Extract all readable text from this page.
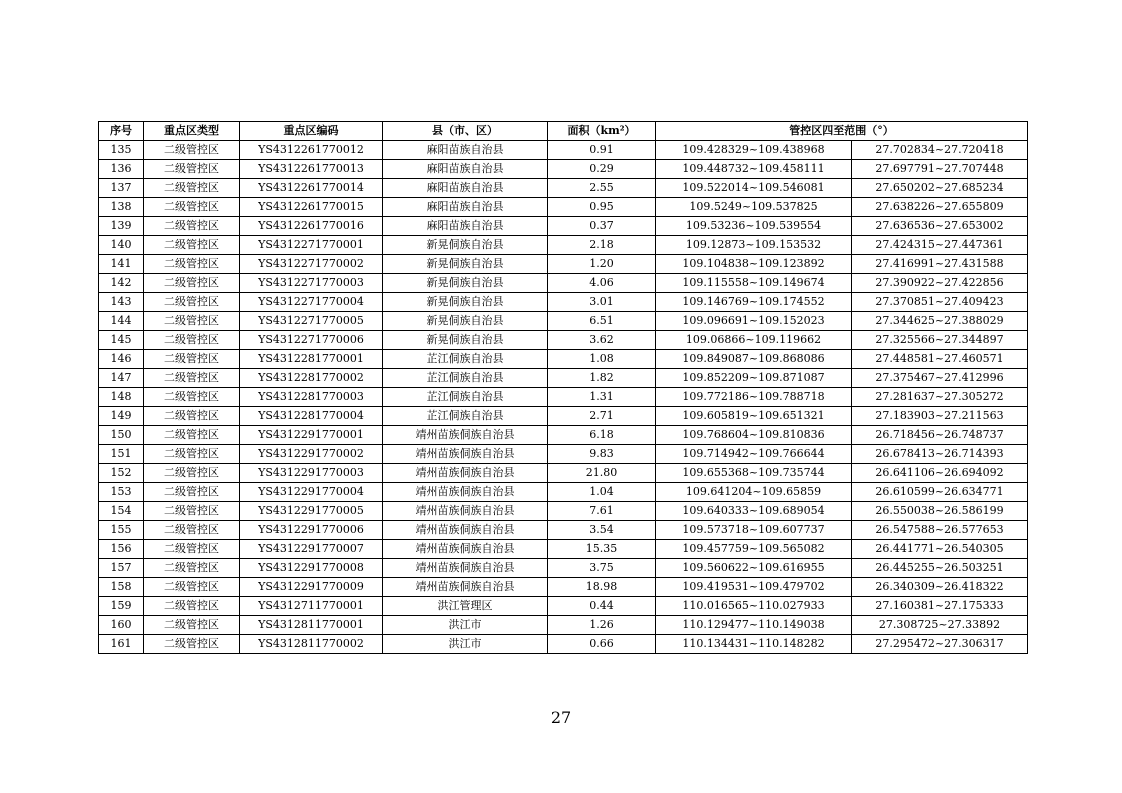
序号	重点区类型	重点区编码	县（市、区）	面积（km²）	管控区四至范围（°）	
135	二级管控区	YS4312261770012	麻阳苗族自治县	0.91	109.428329~109.438968	27.702834~27.720418
136	二级管控区	YS4312261770013	麻阳苗族自治县	0.29	109.448732~109.458111	27.697791~27.707448
137	二级管控区	YS4312261770014	麻阳苗族自治县	2.55	109.522014~109.546081	27.650202~27.685234
138	二级管控区	YS4312261770015	麻阳苗族自治县	0.95	109.5249~109.537825	27.638226~27.655809
139	二级管控区	YS4312261770016	麻阳苗族自治县	0.37	109.53236~109.539554	27.636536~27.653002
140	二级管控区	YS4312271770001	新晃侗族自治县	2.18	109.12873~109.153532	27.424315~27.447361
141	二级管控区	YS4312271770002	新晃侗族自治县	1.20	109.104838~109.123892	27.416991~27.431588
142	二级管控区	YS4312271770003	新晃侗族自治县	4.06	109.115558~109.149674	27.390922~27.422856
143	二级管控区	YS4312271770004	新晃侗族自治县	3.01	109.146769~109.174552	27.370851~27.409423
144	二级管控区	YS4312271770005	新晃侗族自治县	6.51	109.096691~109.152023	27.344625~27.388029
145	二级管控区	YS4312271770006	新晃侗族自治县	3.62	109.06866~109.119662	27.325566~27.344897
146	二级管控区	YS4312281770001	芷江侗族自治县	1.08	109.849087~109.868086	27.448581~27.460571
147	二级管控区	YS4312281770002	芷江侗族自治县	1.82	109.852209~109.871087	27.375467~27.412996
148	二级管控区	YS4312281770003	芷江侗族自治县	1.31	109.772186~109.788718	27.281637~27.305272
149	二级管控区	YS4312281770004	芷江侗族自治县	2.71	109.605819~109.651321	27.183903~27.211563
150	二级管控区	YS4312291770001	靖州苗族侗族自治县	6.18	109.768604~109.810836	26.718456~26.748737
151	二级管控区	YS4312291770002	靖州苗族侗族自治县	9.83	109.714942~109.766644	26.678413~26.714393
152	二级管控区	YS4312291770003	靖州苗族侗族自治县	21.80	109.655368~109.735744	26.641106~26.694092
153	二级管控区	YS4312291770004	靖州苗族侗族自治县	1.04	109.641204~109.65859	26.610599~26.634771
154	二级管控区	YS4312291770005	靖州苗族侗族自治县	7.61	109.640333~109.689054	26.550038~26.586199
155	二级管控区	YS4312291770006	靖州苗族侗族自治县	3.54	109.573718~109.607737	26.547588~26.577653
156	二级管控区	YS4312291770007	靖州苗族侗族自治县	15.35	109.457759~109.565082	26.441771~26.540305
157	二级管控区	YS4312291770008	靖州苗族侗族自治县	3.75	109.560622~109.616955	26.445255~26.503251
158	二级管控区	YS4312291770009	靖州苗族侗族自治县	18.98	109.419531~109.479702	26.340309~26.418322
159	二级管控区	YS4312711770001	洪江管理区	0.44	110.016565~110.027933	27.160381~27.175333
160	二级管控区	YS4312811770001	洪江市	1.26	110.129477~110.149038	27.308725~27.33892
161	二级管控区	YS4312811770002	洪江市	0.66	110.134431~110.148282	27.295472~27.306317
27
